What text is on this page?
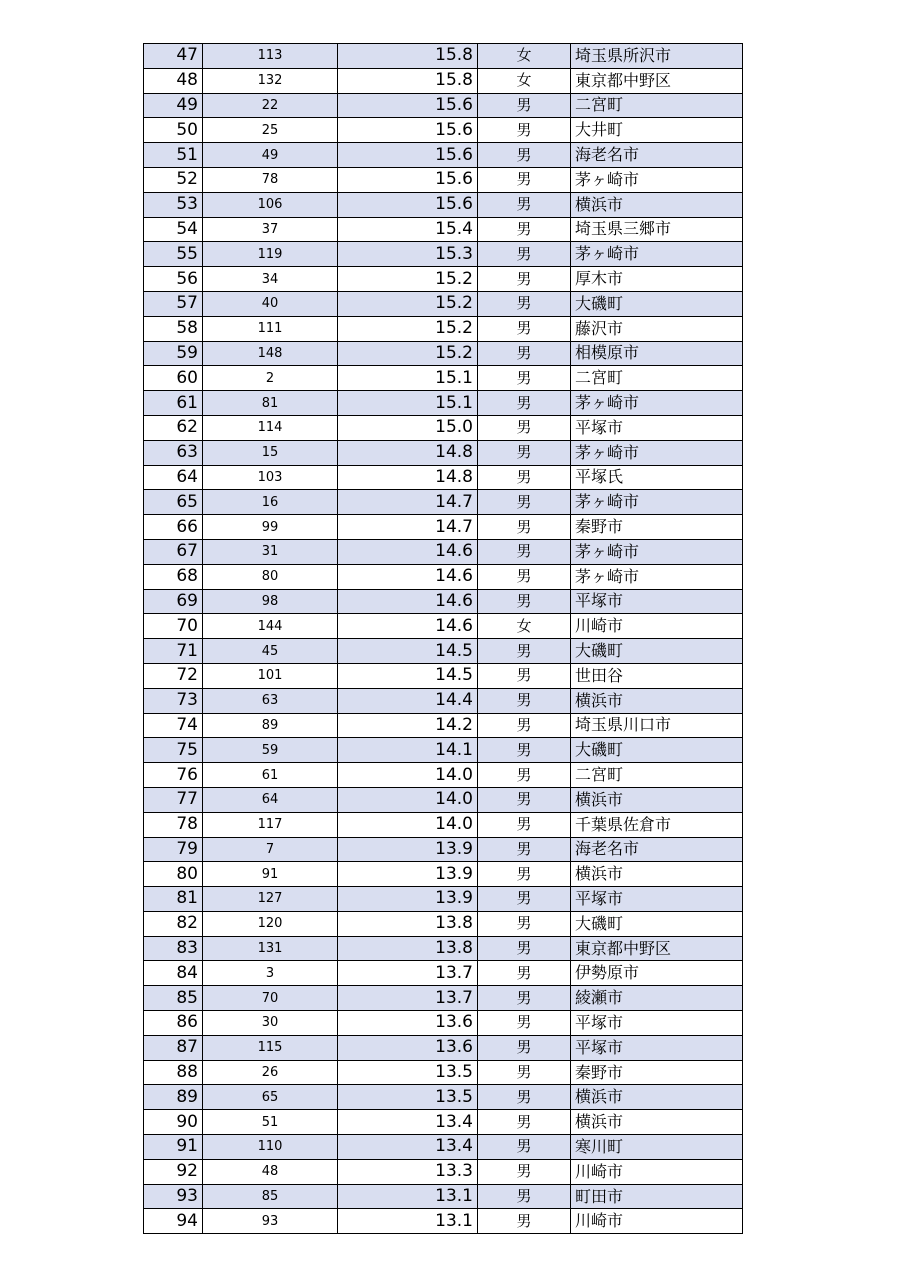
47	113	15.8	女	埼玉県所沢市
48	132	15.8	女	東京都中野区
49	22	15.6	男	二宮町
50	25	15.6	男	大井町
51	49	15.6	男	海老名市
52	78	15.6	男	茅ヶ崎市
53	106	15.6	男	横浜市
54	37	15.4	男	埼玉県三郷市
55	119	15.3	男	茅ヶ崎市
56	34	15.2	男	厚木市
57	40	15.2	男	大磯町
58	111	15.2	男	藤沢市
59	148	15.2	男	相模原市
60	2	15.1	男	二宮町
61	81	15.1	男	茅ヶ崎市
62	114	15.0	男	平塚市
63	15	14.8	男	茅ヶ崎市
64	103	14.8	男	平塚氏
65	16	14.7	男	茅ヶ崎市
66	99	14.7	男	秦野市
67	31	14.6	男	茅ヶ崎市
68	80	14.6	男	茅ヶ崎市
69	98	14.6	男	平塚市
70	144	14.6	女	川崎市
71	45	14.5	男	大磯町
72	101	14.5	男	世田谷
73	63	14.4	男	横浜市
74	89	14.2	男	埼玉県川口市
75	59	14.1	男	大磯町
76	61	14.0	男	二宮町
77	64	14.0	男	横浜市
78	117	14.0	男	千葉県佐倉市
79	7	13.9	男	海老名市
80	91	13.9	男	横浜市
81	127	13.9	男	平塚市
82	120	13.8	男	大磯町
83	131	13.8	男	東京都中野区
84	3	13.7	男	伊勢原市
85	70	13.7	男	綾瀬市
86	30	13.6	男	平塚市
87	115	13.6	男	平塚市
88	26	13.5	男	秦野市
89	65	13.5	男	横浜市
90	51	13.4	男	横浜市
91	110	13.4	男	寒川町
92	48	13.3	男	川崎市
93	85	13.1	男	町田市
94	93	13.1	男	川崎市
